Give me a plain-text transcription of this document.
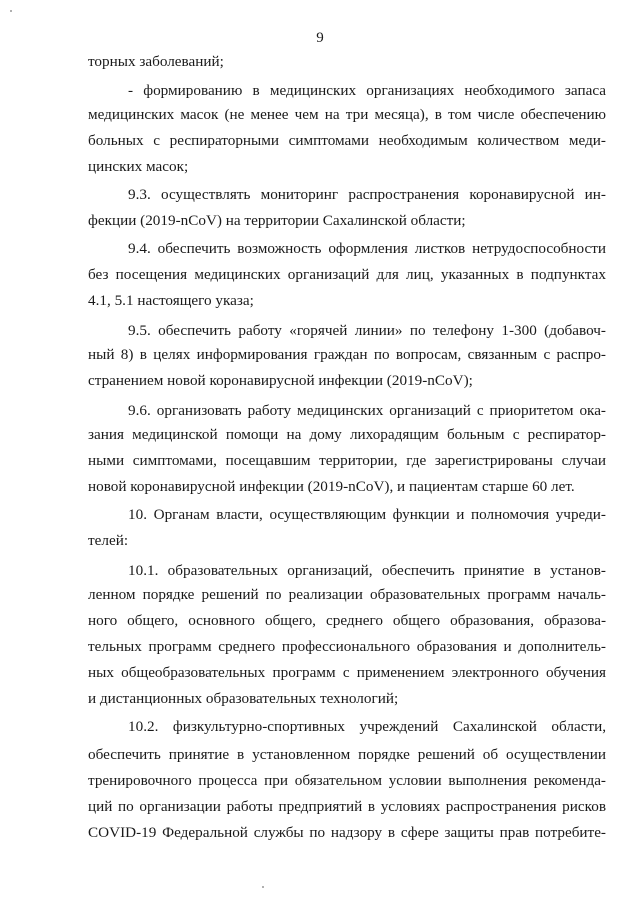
9
торных заболеваний;
- формированию в медицинских организациях необходимого запаса
медицинских масок (не менее чем на три месяца), в том числе обеспечению
больных с респираторными симптомами необходимым количеством меди-
цинских масок;
9.3. осуществлять мониторинг распространения коронавирусной ин-
фекции (2019-nCoV) на территории Сахалинской области;
9.4. обеспечить возможность оформления листков нетрудоспособности
без посещения медицинских организаций для лиц, указанных в подпунктах
4.1, 5.1 настоящего указа;
9.5. обеспечить работу «горячей линии» по телефону 1-300 (добавоч-
ный 8) в целях информирования граждан по вопросам, связанным с распро-
странением новой коронавирусной инфекции (2019-nCoV);
9.6. организовать работу медицинских организаций с приоритетом ока-
зания медицинской помощи на дому лихорадящим больным с респиратор-
ными симптомами, посещавшим территории, где зарегистрированы случаи
новой коронавирусной инфекции (2019-nCoV), и пациентам старше 60 лет.
10. Органам власти, осуществляющим функции и полномочия учреди-
телей:
10.1. образовательных организаций, обеспечить принятие в установ-
ленном порядке решений по реализации образовательных программ началь-
ного общего, основного общего, среднего общего образования, образова-
тельных программ среднего профессионального образования и дополнитель-
ных общеобразовательных программ с применением электронного обучения
и дистанционных образовательных технологий;
10.2. физкультурно-спортивных учреждений Сахалинской области,
обеспечить принятие в установленном порядке решений об осуществлении
тренировочного процесса при обязательном условии выполнения рекоменда-
ций по организации работы предприятий в условиях распространения рисков
COVID-19 Федеральной службы по надзору в сфере защиты прав потребите-
